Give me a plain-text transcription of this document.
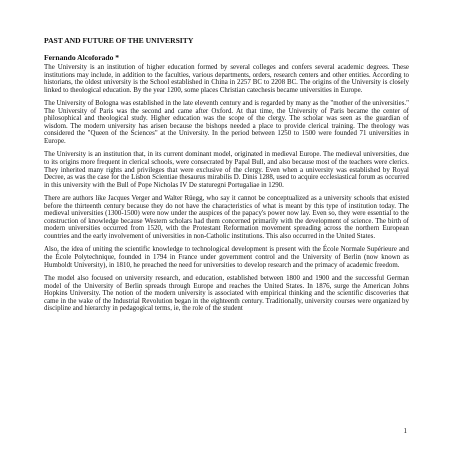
PAST AND FUTURE OF THE UNIVERSITY
Fernando Alcoforado *

The University is an institution of higher education formed by several colleges and confers several academic degrees. These institutions may include, in addition to the faculties, various departments, orders, research centers and other entities. According to historians, the oldest university is the School established in China in 2257 BC to 2208 BC. The origins of the University is closely linked to theological education. By the year 1200, some places Christian catechesis became universities in Europe.

The University of Bologna was established in the late eleventh century and is regarded by many as the "mother of the universities." The University of Paris was the second and came after Oxford. At that time, the University of Paris became the center of philosophical and theological study. Higher education was the scope of the clergy. The scholar was seen as the guardian of wisdom. The modern university has arisen because the bishops needed a place to provide clerical training. The theology was considered the "Queen of the Sciences" at the University. In the period between 1250 to 1500 were founded 71 universities in Europe.

The University is an institution that, in its current dominant model, originated in medieval Europe. The medieval universities, due to its origins more frequent in clerical schools, were consecrated by Papal Bull, and also because most of the teachers were clerics. They inherited many rights and privileges that were exclusive of the clergy. Even when a university was established by Royal Decree, as was the case for the Lisbon Scientiae thesaurus mirabilis D. Dinis 1288, used to acquire ecclesiastical forum as occurred in this university with the Bull of Pope Nicholas IV De staturegni Portugaliae in 1290.

There are authors like Jacques Verger and Walter Rüegg, who say it cannot be conceptualized as a university schools that existed before the thirteenth century because they do not have the characteristics of what is meant by this type of institution today. The medieval universities (1300-1500) were now under the auspices of the papacy's power now lay. Even so, they were essential to the construction of knowledge because Western scholars had them concerned primarily with the development of science. The birth of modern universities occurred from 1520, with the Protestant Reformation movement spreading across the northern European countries and the early involvement of universities in non-Catholic institutions. This also occurred in the United States.

Also, the idea of uniting the scientific knowledge to technological development is present with the École Normale Supérieure and the École Polytechnique, founded in 1794 in France under government control and the University of Berlin (now known as Humboldt University), in 1810, he preached the need for universities to develop research and the primacy of academic freedom.

The model also focused on university research, and education, established between 1800 and 1900 and the successful German model of the University of Berlin spreads through Europe and reaches the United States. In 1876, surge the American Johns Hopkins University. The notion of the modern university is associated with empirical thinking and the scientific discoveries that came in the wake of the Industrial Revolution began in the eighteenth century. Traditionally, university courses were organized by discipline and hierarchy in pedagogical terms, ie, the role of the student

1
